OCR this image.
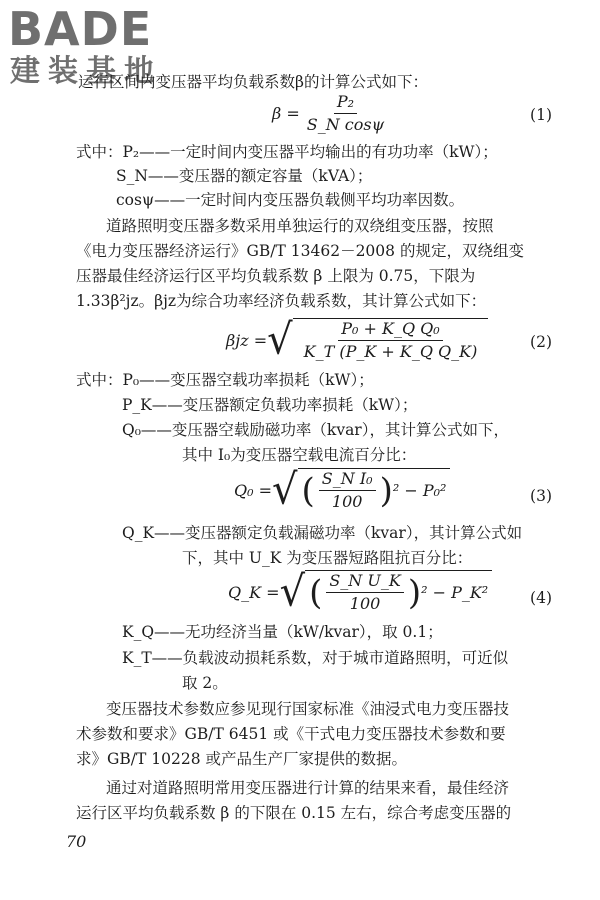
BADE
建装基地
运行区间内变压器平均负载系数β的计算公式如下：
$\beta = \frac{\text{P₂}}{\text{S\_N cosψ}}$	(1)
式中：P₂——一定时间内变压器平均输出的有功功率（kW）；
S_N——变压器的额定容量（kVA）；
cosψ——一定时间内变压器负载侧平均功率因数。
道路照明变压器多数采用单独运行的双绕组变压器，按照
《电力变压器经济运行》GB/T 13462－2008 的规定，双绕组变
压器最佳经济运行区平均负载系数 β 上限为 0.75，下限为
1.33β²jz。βjz为综合功率经济负载系数，其计算公式如下：
βjz = √ $\frac{\text{P₀ + K\_Q Q₀}}{\text{K\_T (P\_K + K\_Q Q\_K)}}$	(2)
式中：P₀——变压器空载功率损耗（kW）；
P_K——变压器额定负载功率损耗（kW）；
Q₀——变压器空载励磁功率（kvar），其计算公式如下，
其中 I₀为变压器空载电流百分比：
Q₀ = √ ( $\frac{\text{S\_N I₀}}{100}$ ) ² − P₀²	(3)
Q_K——变压器额定负载漏磁功率（kvar），其计算公式如
下，其中 U_K 为变压器短路阻抗百分比：
Q_K = √ ( $\frac{\text{S\_N U\_K}}{100}$ ) ² − P_K²	(4)
K_Q——无功经济当量（kW/kvar），取 0.1；
K_T——负载波动损耗系数，对于城市道路照明，可近似
取 2。
变压器技术参数应参见现行国家标准《油浸式电力变压器技
术参数和要求》GB/T 6451 或《干式电力变压器技术参数和要
求》GB/T 10228 或产品生产厂家提供的数据。
通过对道路照明常用变压器进行计算的结果来看，最佳经济
运行区平均负载系数 β 的下限在 0.15 左右，综合考虑变压器的
70
